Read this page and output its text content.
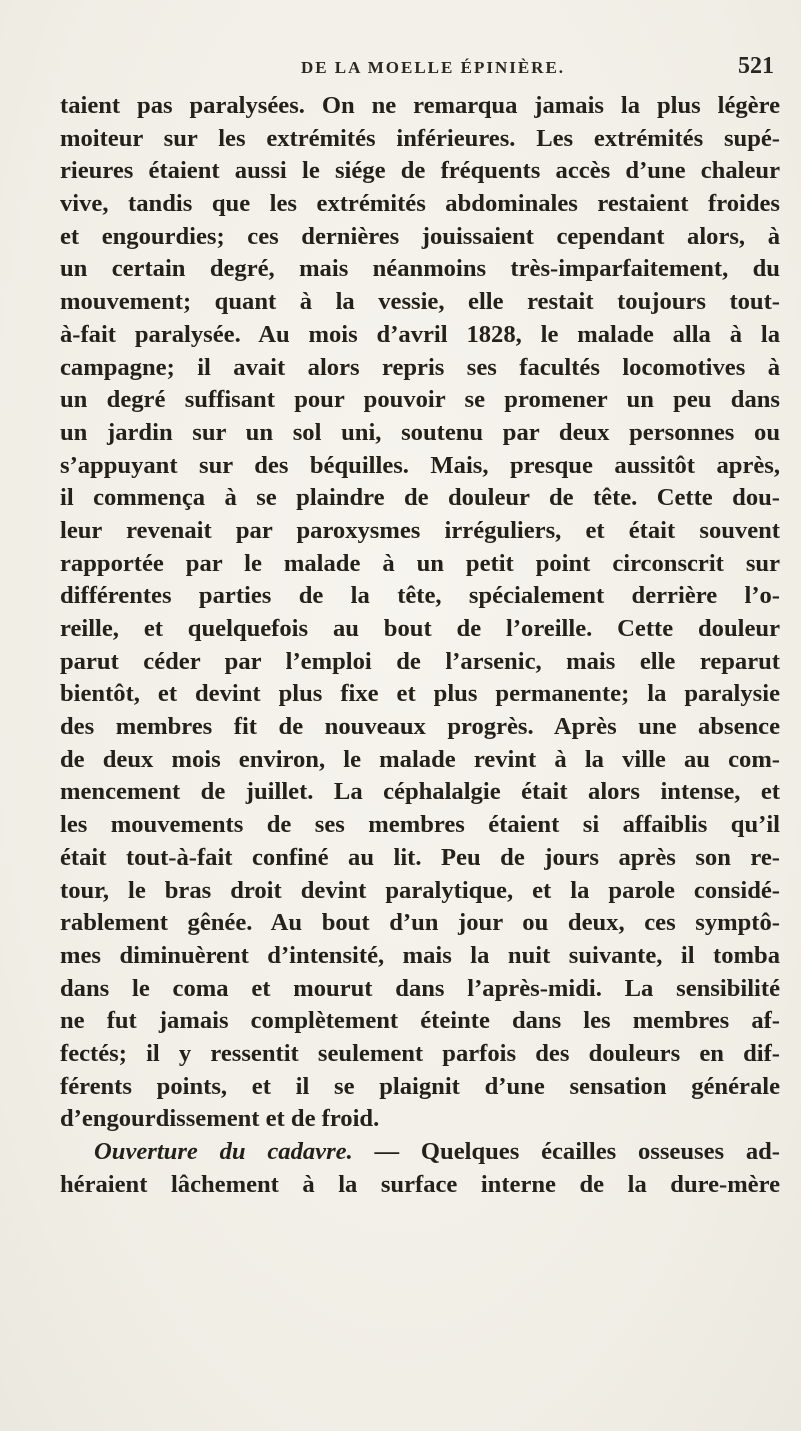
DE LA MOELLE ÉPINIÈRE.	521
taient pas paralysées. On ne remarqua jamais la plus légère
moiteur sur les extrémités inférieures. Les extrémités supé-
rieures étaient aussi le siége de fréquents accès d’une chaleur
vive, tandis que les extrémités abdominales restaient froides
et engourdies; ces dernières jouissaient cependant alors, à
un certain degré, mais néanmoins très-imparfaitement, du
mouvement; quant à la vessie, elle restait toujours tout-
à-fait paralysée. Au mois d’avril 1828, le malade alla à la
campagne; il avait alors repris ses facultés locomotives à
un degré suffisant pour pouvoir se promener un peu dans
un jardin sur un sol uni, soutenu par deux personnes ou
s’appuyant sur des béquilles. Mais, presque aussitôt après,
il commença à se plaindre de douleur de tête. Cette dou-
leur revenait par paroxysmes irréguliers, et était souvent
rapportée par le malade à un petit point circonscrit sur
différentes parties de la tête, spécialement derrière l’o-
reille, et quelquefois au bout de l’oreille. Cette douleur
parut céder par l’emploi de l’arsenic, mais elle reparut
bientôt, et devint plus fixe et plus permanente; la paralysie
des membres fit de nouveaux progrès. Après une absence
de deux mois environ, le malade revint à la ville au com-
mencement de juillet. La céphalalgie était alors intense, et
les mouvements de ses membres étaient si affaiblis qu’il
était tout-à-fait confiné au lit. Peu de jours après son re-
tour, le bras droit devint paralytique, et la parole considé-
rablement gênée. Au bout d’un jour ou deux, ces symptô-
mes diminuèrent d’intensité, mais la nuit suivante, il tomba
dans le coma et mourut dans l’après-midi. La sensibilité
ne fut jamais complètement éteinte dans les membres af-
fectés; il y ressentit seulement parfois des douleurs en dif-
férents points, et il se plaignit d’une sensation générale
d’engourdissement et de froid.
Ouverture du cadavre. — Quelques écailles osseuses ad-
héraient lâchement à la surface interne de la dure-mère
